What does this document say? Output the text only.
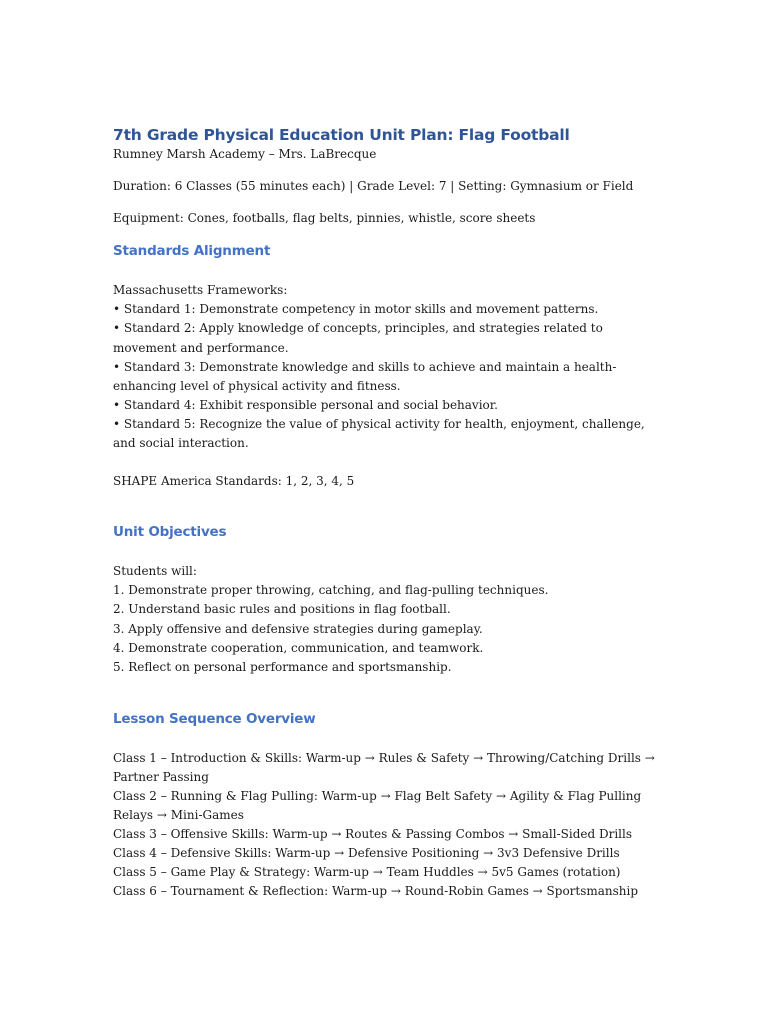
7th Grade Physical Education Unit Plan: Flag Football

Rumney Marsh Academy – Mrs. LaBrecque

Duration: 6 Classes (55 minutes each) | Grade Level: 7 | Setting: Gymnasium or Field

Equipment: Cones, footballs, flag belts, pinnies, whistle, score sheets

Standards Alignment
Massachusetts Frameworks:
• Standard 1: Demonstrate competency in motor skills and movement patterns.
• Standard 2: Apply knowledge of concepts, principles, and strategies related to movement and performance.
• Standard 3: Demonstrate knowledge and skills to achieve and maintain a health-enhancing level of physical activity and fitness.
• Standard 4: Exhibit responsible personal and social behavior.
• Standard 5: Recognize the value of physical activity for health, enjoyment, challenge, and social interaction.

SHAPE America Standards: 1, 2, 3, 4, 5

Unit Objectives
Students will:
1. Demonstrate proper throwing, catching, and flag-pulling techniques.
2. Understand basic rules and positions in flag football.
3. Apply offensive and defensive strategies during gameplay.
4. Demonstrate cooperation, communication, and teamwork.
5. Reflect on personal performance and sportsmanship.
Lesson Sequence Overview
Class 1 – Introduction & Skills: Warm-up → Rules & Safety → Throwing/Catching Drills → Partner Passing
Class 2 – Running & Flag Pulling: Warm-up → Flag Belt Safety → Agility & Flag Pulling Relays → Mini-Games
Class 3 – Offensive Skills: Warm-up → Routes & Passing Combos → Small-Sided Drills
Class 4 – Defensive Skills: Warm-up → Defensive Positioning → 3v3 Defensive Drills
Class 5 – Game Play & Strategy: Warm-up → Team Huddles → 5v5 Games (rotation)
Class 6 – Tournament & Reflection: Warm-up → Round-Robin Games → Sportsmanship
